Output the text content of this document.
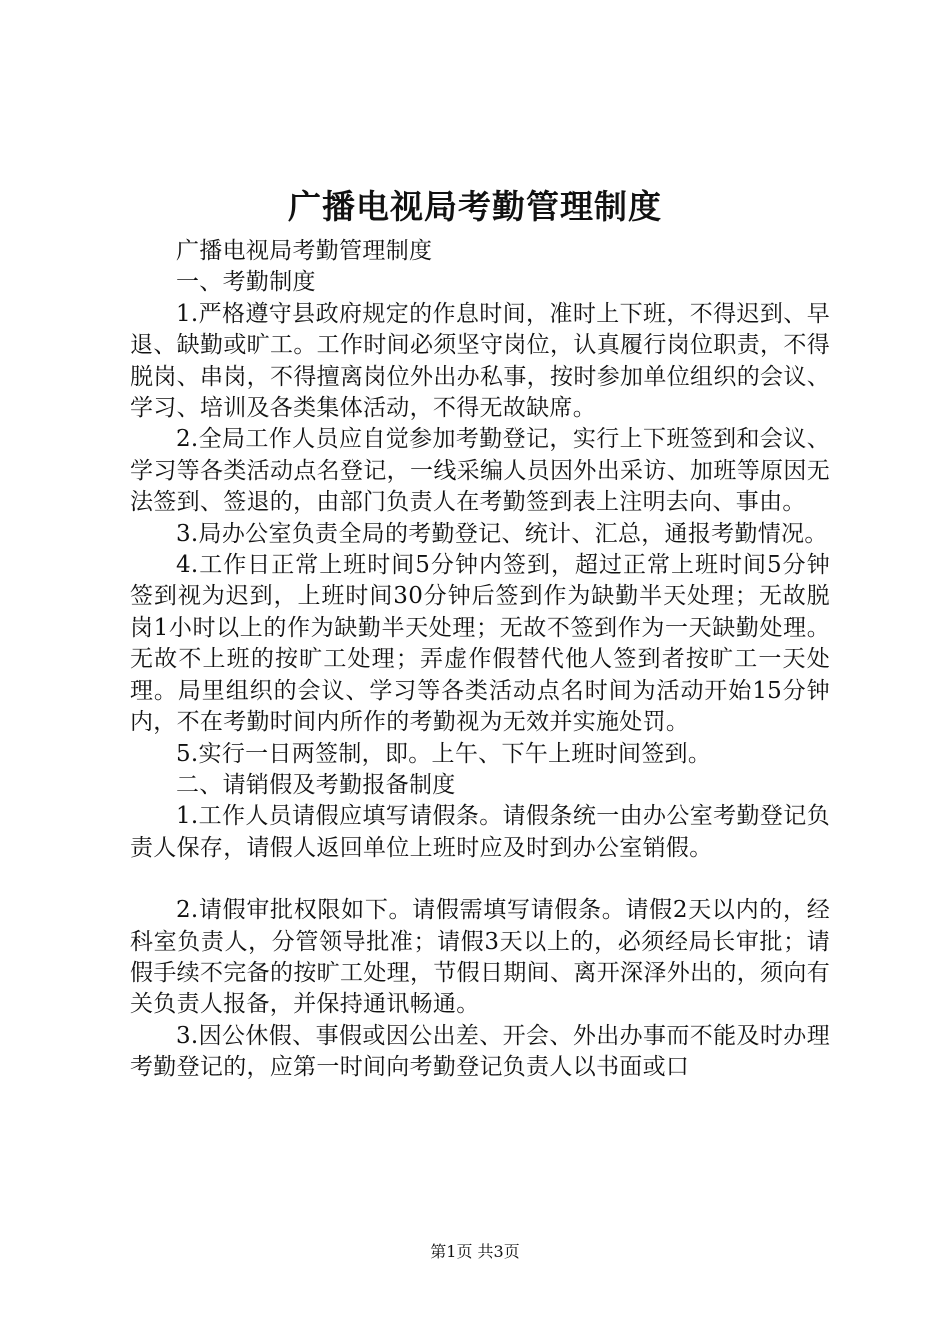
广播电视局考勤管理制度

广播电视局考勤管理制度

一、考勤制度

1.严格遵守县政府规定的作息时间，准时上下班，不得迟到、早退、缺勤或旷工。工作时间必须坚守岗位，认真履行岗位职责，不得脱岗、串岗，不得擅离岗位外出办私事，按时参加单位组织的会议、学习、培训及各类集体活动，不得无故缺席。

2.全局工作人员应自觉参加考勤登记，实行上下班签到和会议、学习等各类活动点名登记，一线采编人员因外出采访、加班等原因无法签到、签退的，由部门负责人在考勤签到表上注明去向、事由。

3.局办公室负责全局的考勤登记、统计、汇总，通报考勤情况。

4.工作日正常上班时间5分钟内签到，超过正常上班时间5分钟签到视为迟到，上班时间30分钟后签到作为缺勤半天处理；无故脱岗1小时以上的作为缺勤半天处理；无故不签到作为一天缺勤处理。无故不上班的按旷工处理；弄虚作假替代他人签到者按旷工一天处理。局里组织的会议、学习等各类活动点名时间为活动开始15分钟内，不在考勤时间内所作的考勤视为无效并实施处罚。

5.实行一日两签制，即。上午、下午上班时间签到。

二、请销假及考勤报备制度

1.工作人员请假应填写请假条。请假条统一由办公室考勤登记负责人保存，请假人返回单位上班时应及时到办公室销假。

2.请假审批权限如下。请假需填写请假条。请假2天以内的，经科室负责人，分管领导批准；请假3天以上的，必须经局长审批；请假手续不完备的按旷工处理，节假日期间、离开深泽外出的，须向有关负责人报备，并保持通讯畅通。

3.因公休假、事假或因公出差、开会、外出办事而不能及时办理考勤登记的，应第一时间向考勤登记负责人以书面或口

第1页 共3页
